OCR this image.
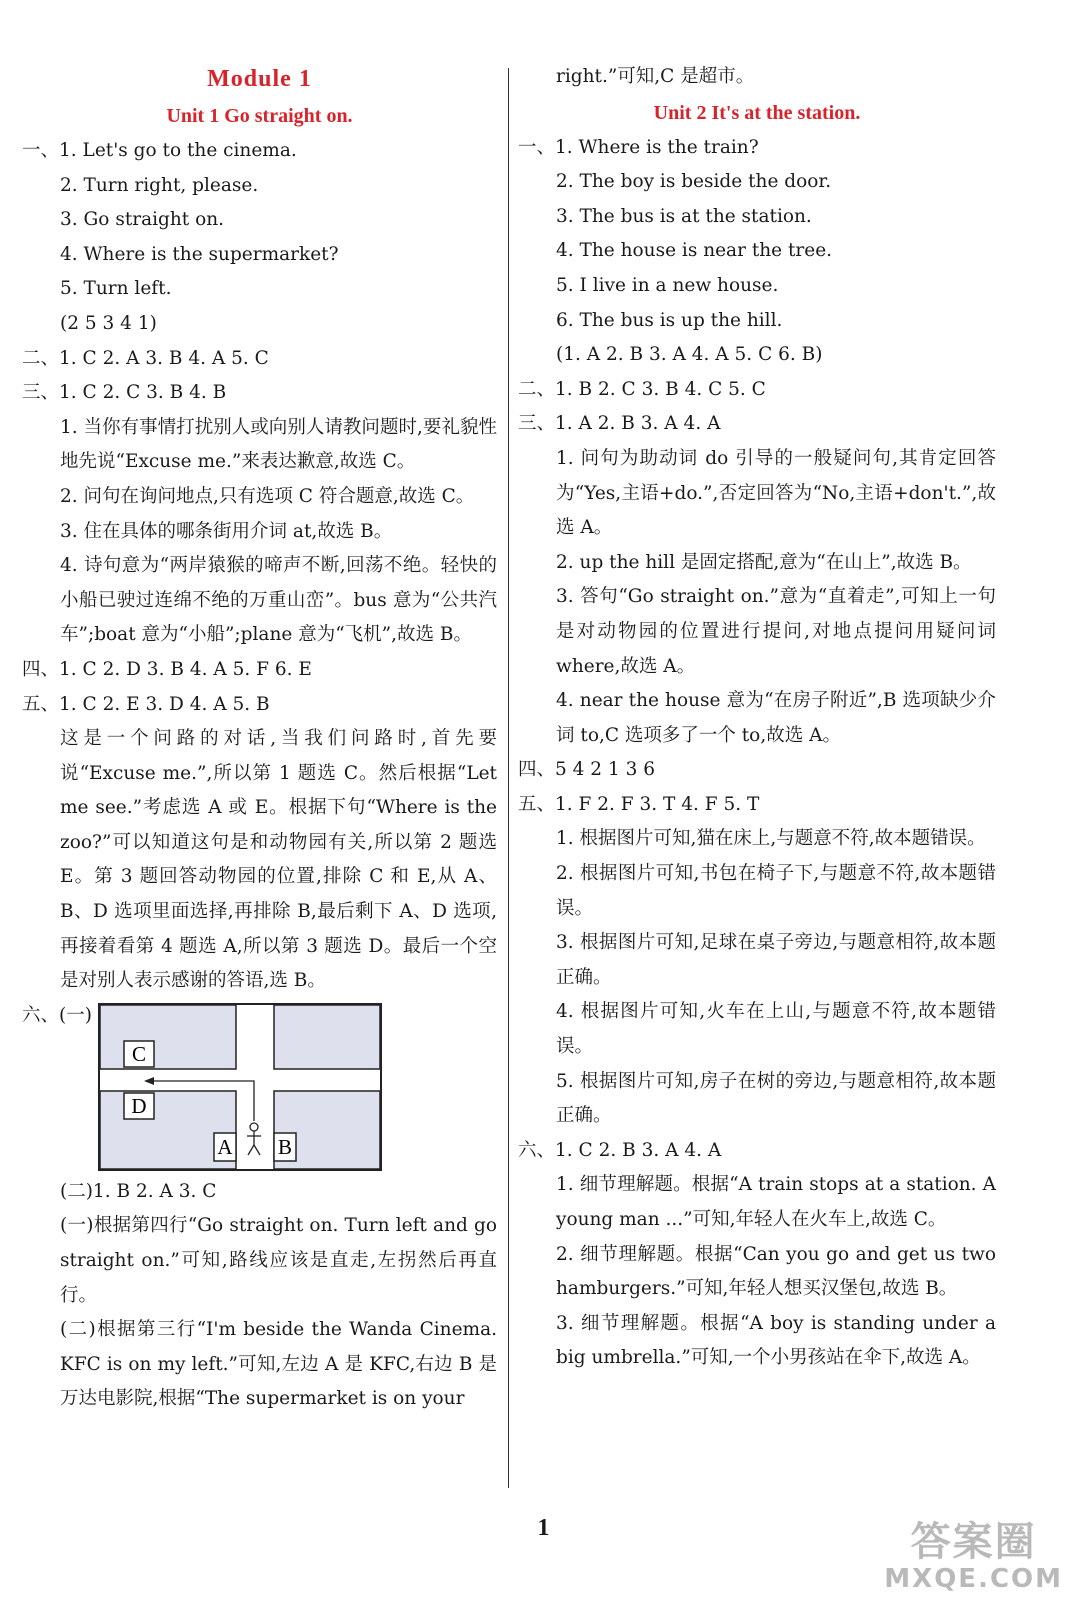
Module 1
Unit 1 Go straight on.
一、1. Let's go to the cinema.
2. Turn right, please.
3. Go straight on.
4. Where is the supermarket?
5. Turn left.
(2 5 3 4 1)
二、1. C 2. A 3. B 4. A 5. C
三、1. C 2. C 3. B 4. B
1. 当你有事情打扰别人或向别人请教问题时,要礼貌性地先说“Excuse me.”来表达歉意,故选 C。
2. 问句在询问地点,只有选项 C 符合题意,故选 C。
3. 住在具体的哪条街用介词 at,故选 B。
4. 诗句意为“两岸猿猴的啼声不断,回荡不绝。轻快的小船已驶过连绵不绝的万重山峦”。bus 意为“公共汽车”;boat 意为“小船”;plane 意为“飞机”,故选 B。
四、1. C 2. D 3. B 4. A 5. F 6. E
五、1. C 2. E 3. D 4. A 5. B
这是一个问路的对话,当我们问路时,首先要说“Excuse me.”,所以第 1 题选 C。然后根据“Let me see.”考虑选 A 或 E。根据下句“Where is the zoo?”可以知道这句是和动物园有关,所以第 2 题选 E。第 3 题回答动物园的位置,排除 C 和 E,从 A、B、D 选项里面选择,再排除 B,最后剩下 A、D 选项,再接着看第 4 题选 A,所以第 3 题选 D。最后一个空是对别人表示感谢的答语,选 B。
六、(一)
C
D
A B
(二)1. B 2. A 3. C
(一)根据第四行“Go straight on. Turn left and go straight on.”可知,路线应该是直走,左拐然后再直行。
(二)根据第三行“I'm beside the Wanda Cinema. KFC is on my left.”可知,左边 A 是 KFC,右边 B 是万达电影院,根据“The supermarket is on your
right.”可知,C 是超市。
Unit 2 It's at the station.
一、1. Where is the train?
2. The boy is beside the door.
3. The bus is at the station.
4. The house is near the tree.
5. I live in a new house.
6. The bus is up the hill.
(1. A 2. B 3. A 4. A 5. C 6. B)
二、1. B 2. C 3. B 4. C 5. C
三、1. A 2. B 3. A 4. A
1. 问句为助动词 do 引导的一般疑问句,其肯定回答为“Yes,主语+do.”,否定回答为“No,主语+don't.”,故选 A。
2. up the hill 是固定搭配,意为“在山上”,故选 B。
3. 答句“Go straight on.”意为“直着走”,可知上一句是对动物园的位置进行提问,对地点提问用疑问词 where,故选 A。
4. near the house 意为“在房子附近”,B 选项缺少介词 to,C 选项多了一个 to,故选 A。
四、5 4 2 1 3 6
五、1. F 2. F 3. T 4. F 5. T
1. 根据图片可知,猫在床上,与题意不符,故本题错误。
2. 根据图片可知,书包在椅子下,与题意不符,故本题错误。
3. 根据图片可知,足球在桌子旁边,与题意相符,故本题正确。
4. 根据图片可知,火车在上山,与题意不符,故本题错误。
5. 根据图片可知,房子在树的旁边,与题意相符,故本题正确。
六、1. C 2. B 3. A 4. A
1. 细节理解题。根据“A train stops at a station. A young man ...”可知,年轻人在火车上,故选 C。
2. 细节理解题。根据“Can you go and get us two hamburgers.”可知,年轻人想买汉堡包,故选 B。
3. 细节理解题。根据“A boy is standing under a big umbrella.”可知,一个小男孩站在伞下,故选 A。
1	答案圈
MXQE.COM
